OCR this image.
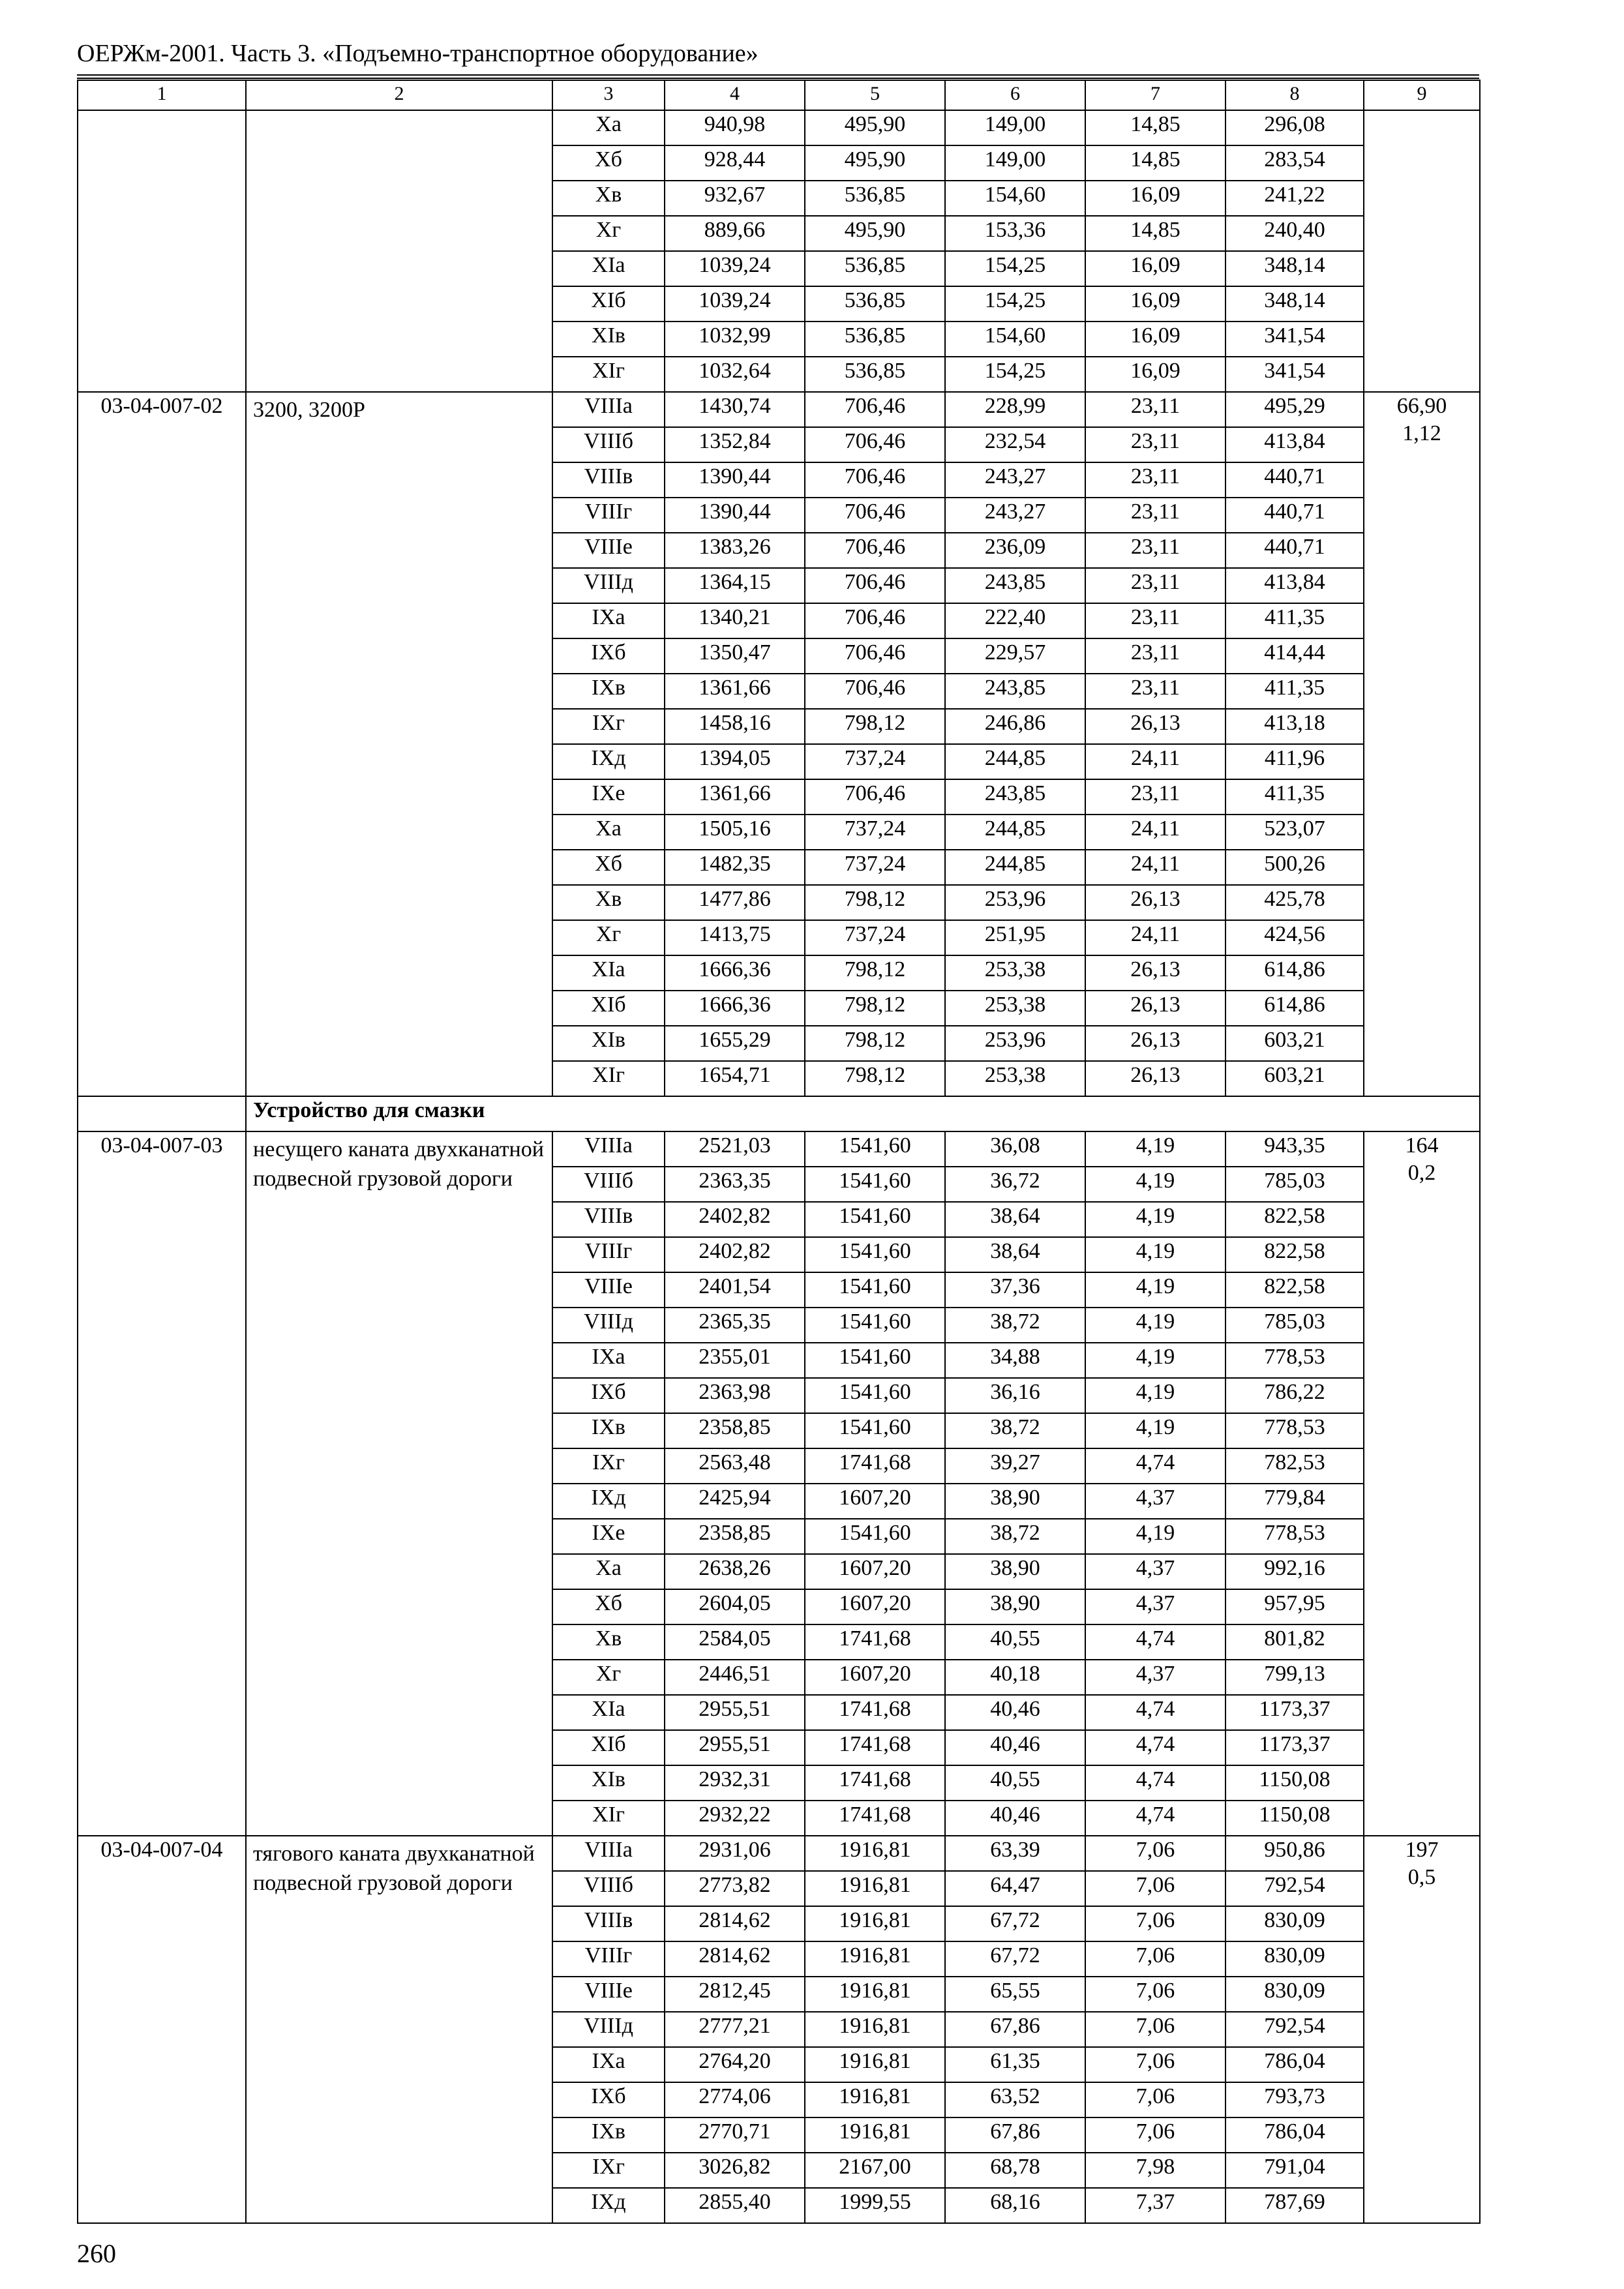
ОЕРЖм-2001. Часть 3. «Подъемно-транспортное оборудование»
1	2	3	4	5	6	7	8	9
		Xa	940,98	495,90	149,00	14,85	296,08	
		Xб	928,44	495,90	149,00	14,85	283,54	
		Xв	932,67	536,85	154,60	16,09	241,22	
		Xг	889,66	495,90	153,36	14,85	240,40	
		XIa	1039,24	536,85	154,25	16,09	348,14	
		XIб	1039,24	536,85	154,25	16,09	348,14	
		XIв	1032,99	536,85	154,60	16,09	341,54	
		XIг	1032,64	536,85	154,25	16,09	341,54	
03-04-007-02	3200, 3200Р	VIIIa	1430,74	706,46	228,99	23,11	495,29	66,90
1,12

		VIIIб	1352,84	706,46	232,54	23,11	413,84	
		VIIIв	1390,44	706,46	243,27	23,11	440,71	
		VIIIг	1390,44	706,46	243,27	23,11	440,71	
		VIIIe	1383,26	706,46	236,09	23,11	440,71	
		VIIIд	1364,15	706,46	243,85	23,11	413,84	
		IXa	1340,21	706,46	222,40	23,11	411,35	
		IXб	1350,47	706,46	229,57	23,11	414,44	
		IXв	1361,66	706,46	243,85	23,11	411,35	
		IXг	1458,16	798,12	246,86	26,13	413,18	
		IXд	1394,05	737,24	244,85	24,11	411,96	
		IXe	1361,66	706,46	243,85	23,11	411,35	
		Xa	1505,16	737,24	244,85	24,11	523,07	
		Xб	1482,35	737,24	244,85	24,11	500,26	
		Xв	1477,86	798,12	253,96	26,13	425,78	
		Xг	1413,75	737,24	251,95	24,11	424,56	
		XIa	1666,36	798,12	253,38	26,13	614,86	
		XIб	1666,36	798,12	253,38	26,13	614,86	
		XIв	1655,29	798,12	253,96	26,13	603,21	
		XIг	1654,71	798,12	253,38	26,13	603,21	
	Устройство для смазки							
03-04-007-03	несущего каната двухканатной подвесной грузовой дороги	VIIIa	2521,03	1541,60	36,08	4,19	943,35	164
0,2

		VIIIб	2363,35	1541,60	36,72	4,19	785,03	
		VIIIв	2402,82	1541,60	38,64	4,19	822,58	
		VIIIг	2402,82	1541,60	38,64	4,19	822,58	
		VIIIe	2401,54	1541,60	37,36	4,19	822,58	
		VIIIд	2365,35	1541,60	38,72	4,19	785,03	
		IXa	2355,01	1541,60	34,88	4,19	778,53	
		IXб	2363,98	1541,60	36,16	4,19	786,22	
		IXв	2358,85	1541,60	38,72	4,19	778,53	
		IXг	2563,48	1741,68	39,27	4,74	782,53	
		IXд	2425,94	1607,20	38,90	4,37	779,84	
		IXe	2358,85	1541,60	38,72	4,19	778,53	
		Xa	2638,26	1607,20	38,90	4,37	992,16	
		Xб	2604,05	1607,20	38,90	4,37	957,95	
		Xв	2584,05	1741,68	40,55	4,74	801,82	
		Xг	2446,51	1607,20	40,18	4,37	799,13	
		XIa	2955,51	1741,68	40,46	4,74	1173,37	
		XIб	2955,51	1741,68	40,46	4,74	1173,37	
		XIв	2932,31	1741,68	40,55	4,74	1150,08	
		XIг	2932,22	1741,68	40,46	4,74	1150,08	
03-04-007-04	тягового каната двухканатной подвесной грузовой дороги	VIIIa	2931,06	1916,81	63,39	7,06	950,86	197
0,5

		VIIIб	2773,82	1916,81	64,47	7,06	792,54	
		VIIIв	2814,62	1916,81	67,72	7,06	830,09	
		VIIIг	2814,62	1916,81	67,72	7,06	830,09	
		VIIIe	2812,45	1916,81	65,55	7,06	830,09	
		VIIIд	2777,21	1916,81	67,86	7,06	792,54	
		IXa	2764,20	1916,81	61,35	7,06	786,04	
		IXб	2774,06	1916,81	63,52	7,06	793,73	
		IXв	2770,71	1916,81	67,86	7,06	786,04	
		IXг	3026,82	2167,00	68,78	7,98	791,04	
		IXд	2855,40	1999,55	68,16	7,37	787,69	
260
